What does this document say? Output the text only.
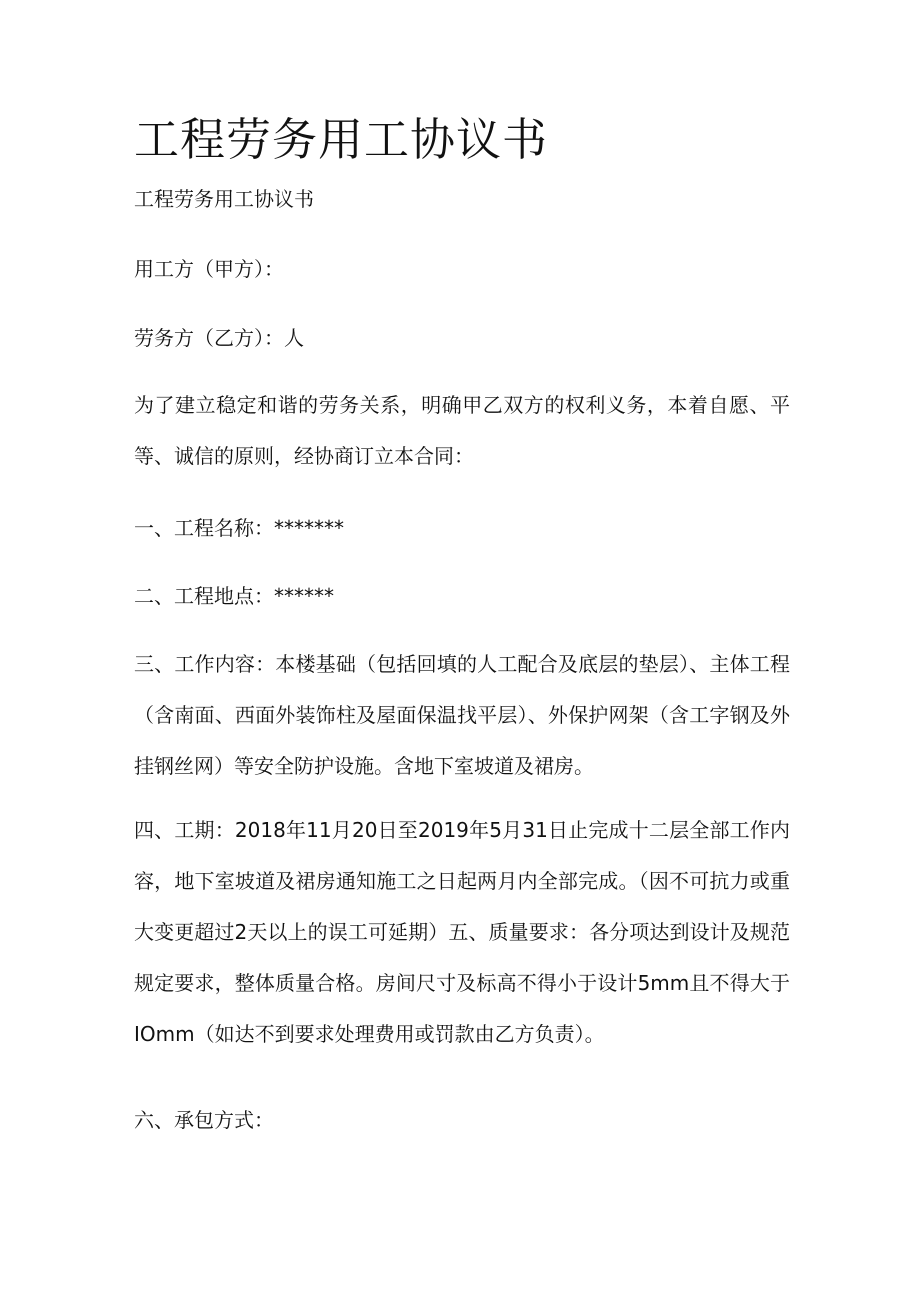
工程劳务用工协议书

工程劳务用工协议书

用工方（甲方）：

劳务方（乙方）：人

为了建立稳定和谐的劳务关系，明确甲乙双方的权利义务，本着自愿、平等、诚信的原则，经协商订立本合同：

一、工程名称：*******

二、工程地点：******

三、工作内容：本楼基础（包括回填的人工配合及底层的垫层）、主体工程（含南面、西面外装饰柱及屋面保温找平层）、外保护网架（含工字钢及外挂钢丝网）等安全防护设施。含地下室坡道及裙房。

四、工期：2018年11月20日至2019年5月31日止完成十二层全部工作内容，地下室坡道及裙房通知施工之日起两月内全部完成。（因不可抗力或重大变更超过2天以上的误工可延期）五、质量要求：各分项达到设计及规范规定要求，整体质量合格。房间尺寸及标高不得小于设计5mm且不得大于IOmm（如达不到要求处理费用或罚款由乙方负责）。

六、承包方式：
